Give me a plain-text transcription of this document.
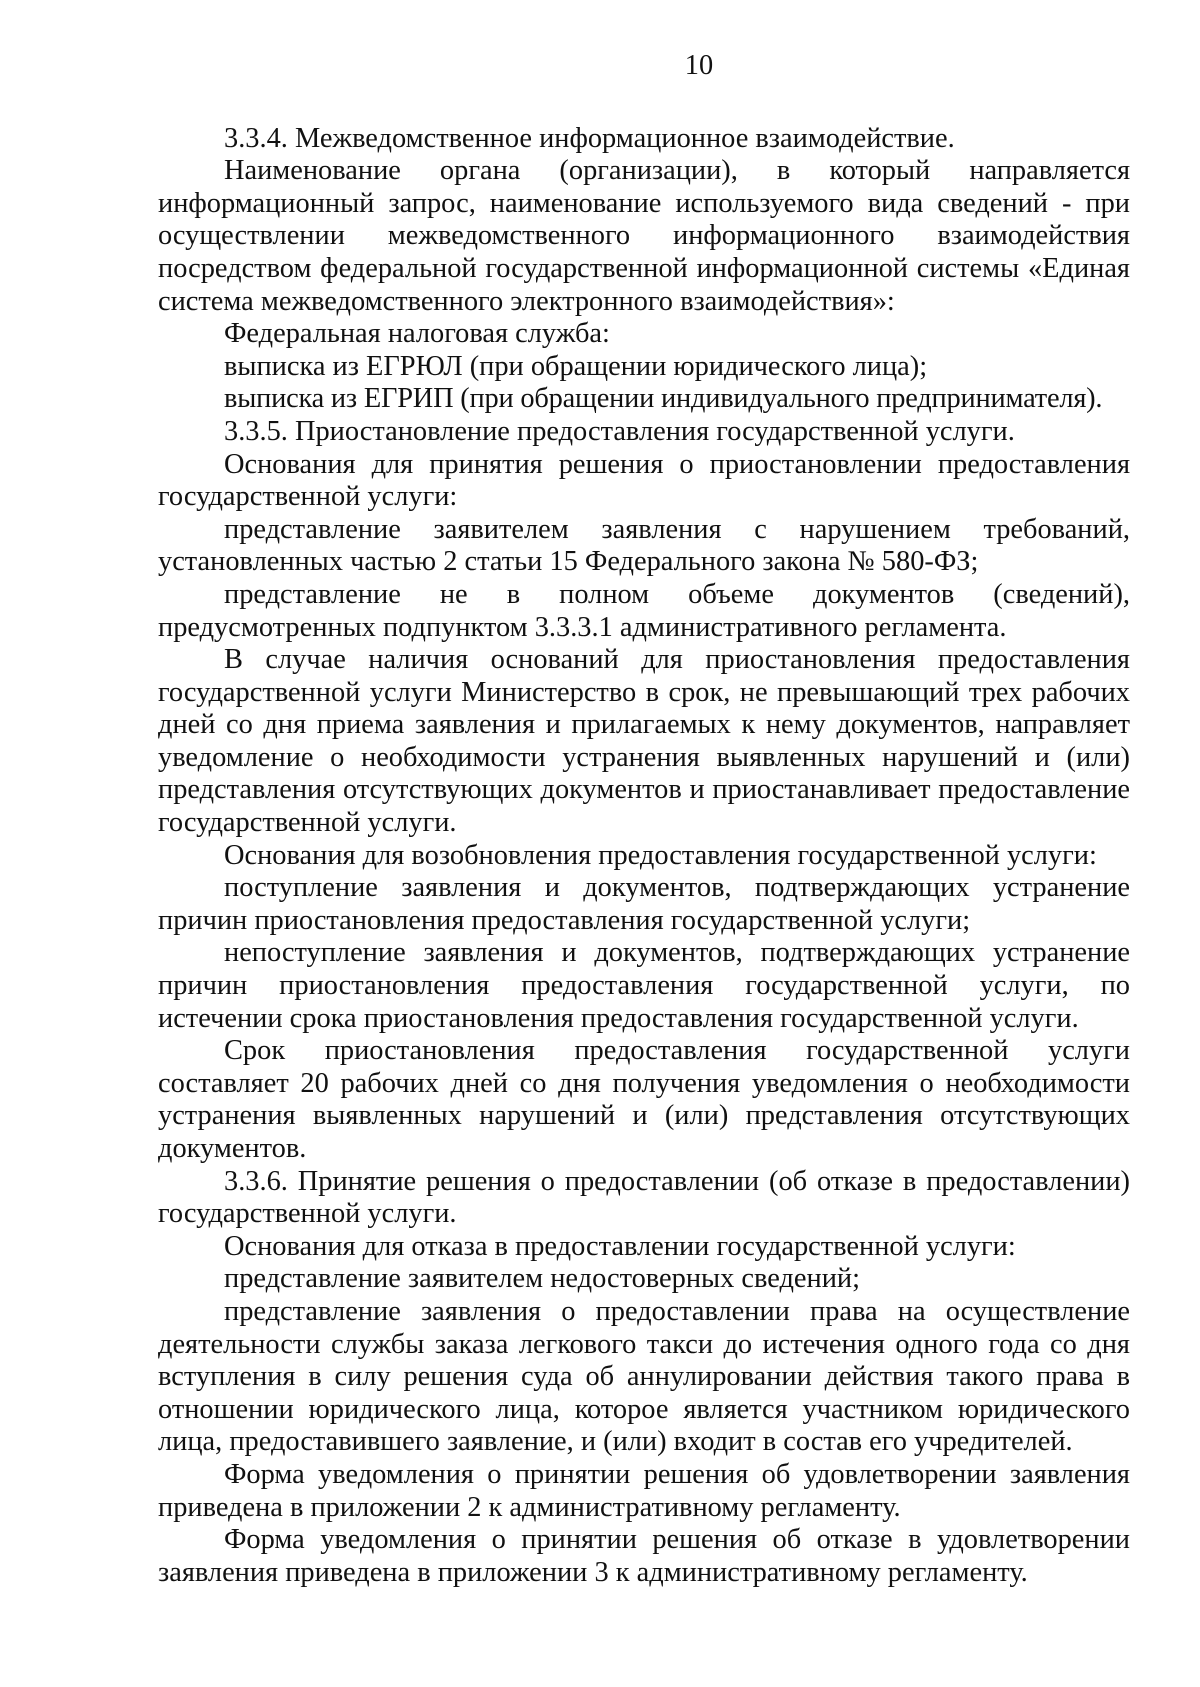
10

3.3.4. Межведомственное информационное взаимодействие.

Наименование органа (организации), в который направляется информационный запрос, наименование используемого вида сведений - при осуществлении межведомственного информационного взаимодействия посредством федеральной государственной информационной системы «Единая система межведомственного электронного взаимодействия»:

Федеральная налоговая служба:

выписка из ЕГРЮЛ (при обращении юридического лица);

выписка из ЕГРИП (при обращении индивидуального предпринимателя).

3.3.5. Приостановление предоставления государственной услуги.

Основания для принятия решения о приостановлении предоставления государственной услуги:

представление заявителем заявления с нарушением требований, установленных частью 2 статьи 15 Федерального закона № 580-ФЗ;

представление не в полном объеме документов (сведений), предусмотренных подпунктом 3.3.3.1 административного регламента.

В случае наличия оснований для приостановления предоставления государственной услуги Министерство в срок, не превышающий трех рабочих дней со дня приема заявления и прилагаемых к нему документов, направляет уведомление о необходимости устранения выявленных нарушений и (или) представления отсутствующих документов и приостанавливает предоставление государственной услуги.

Основания для возобновления предоставления государственной услуги:

поступление заявления и документов, подтверждающих устранение причин приостановления предоставления государственной услуги;

непоступление заявления и документов, подтверждающих устранение причин приостановления предоставления государственной услуги, по истечении срока приостановления предоставления государственной услуги.

Срок приостановления предоставления государственной услуги составляет 20 рабочих дней со дня получения уведомления о необходимости устранения выявленных нарушений и (или) представления отсутствующих документов.

3.3.6. Принятие решения о предоставлении (об отказе в предоставлении) государственной услуги.

Основания для отказа в предоставлении государственной услуги:

представление заявителем недостоверных сведений;

представление заявления о предоставлении права на осуществление деятельности службы заказа легкового такси до истечения одного года со дня вступления в силу решения суда об аннулировании действия такого права в отношении юридического лица, которое является участником юридического лица, предоставившего заявление, и (или) входит в состав его учредителей.

Форма уведомления о принятии решения об удовлетворении заявления приведена в приложении 2 к административному регламенту.

Форма уведомления о принятии решения об отказе в удовлетворении заявления приведена в приложении 3 к административному регламенту.
